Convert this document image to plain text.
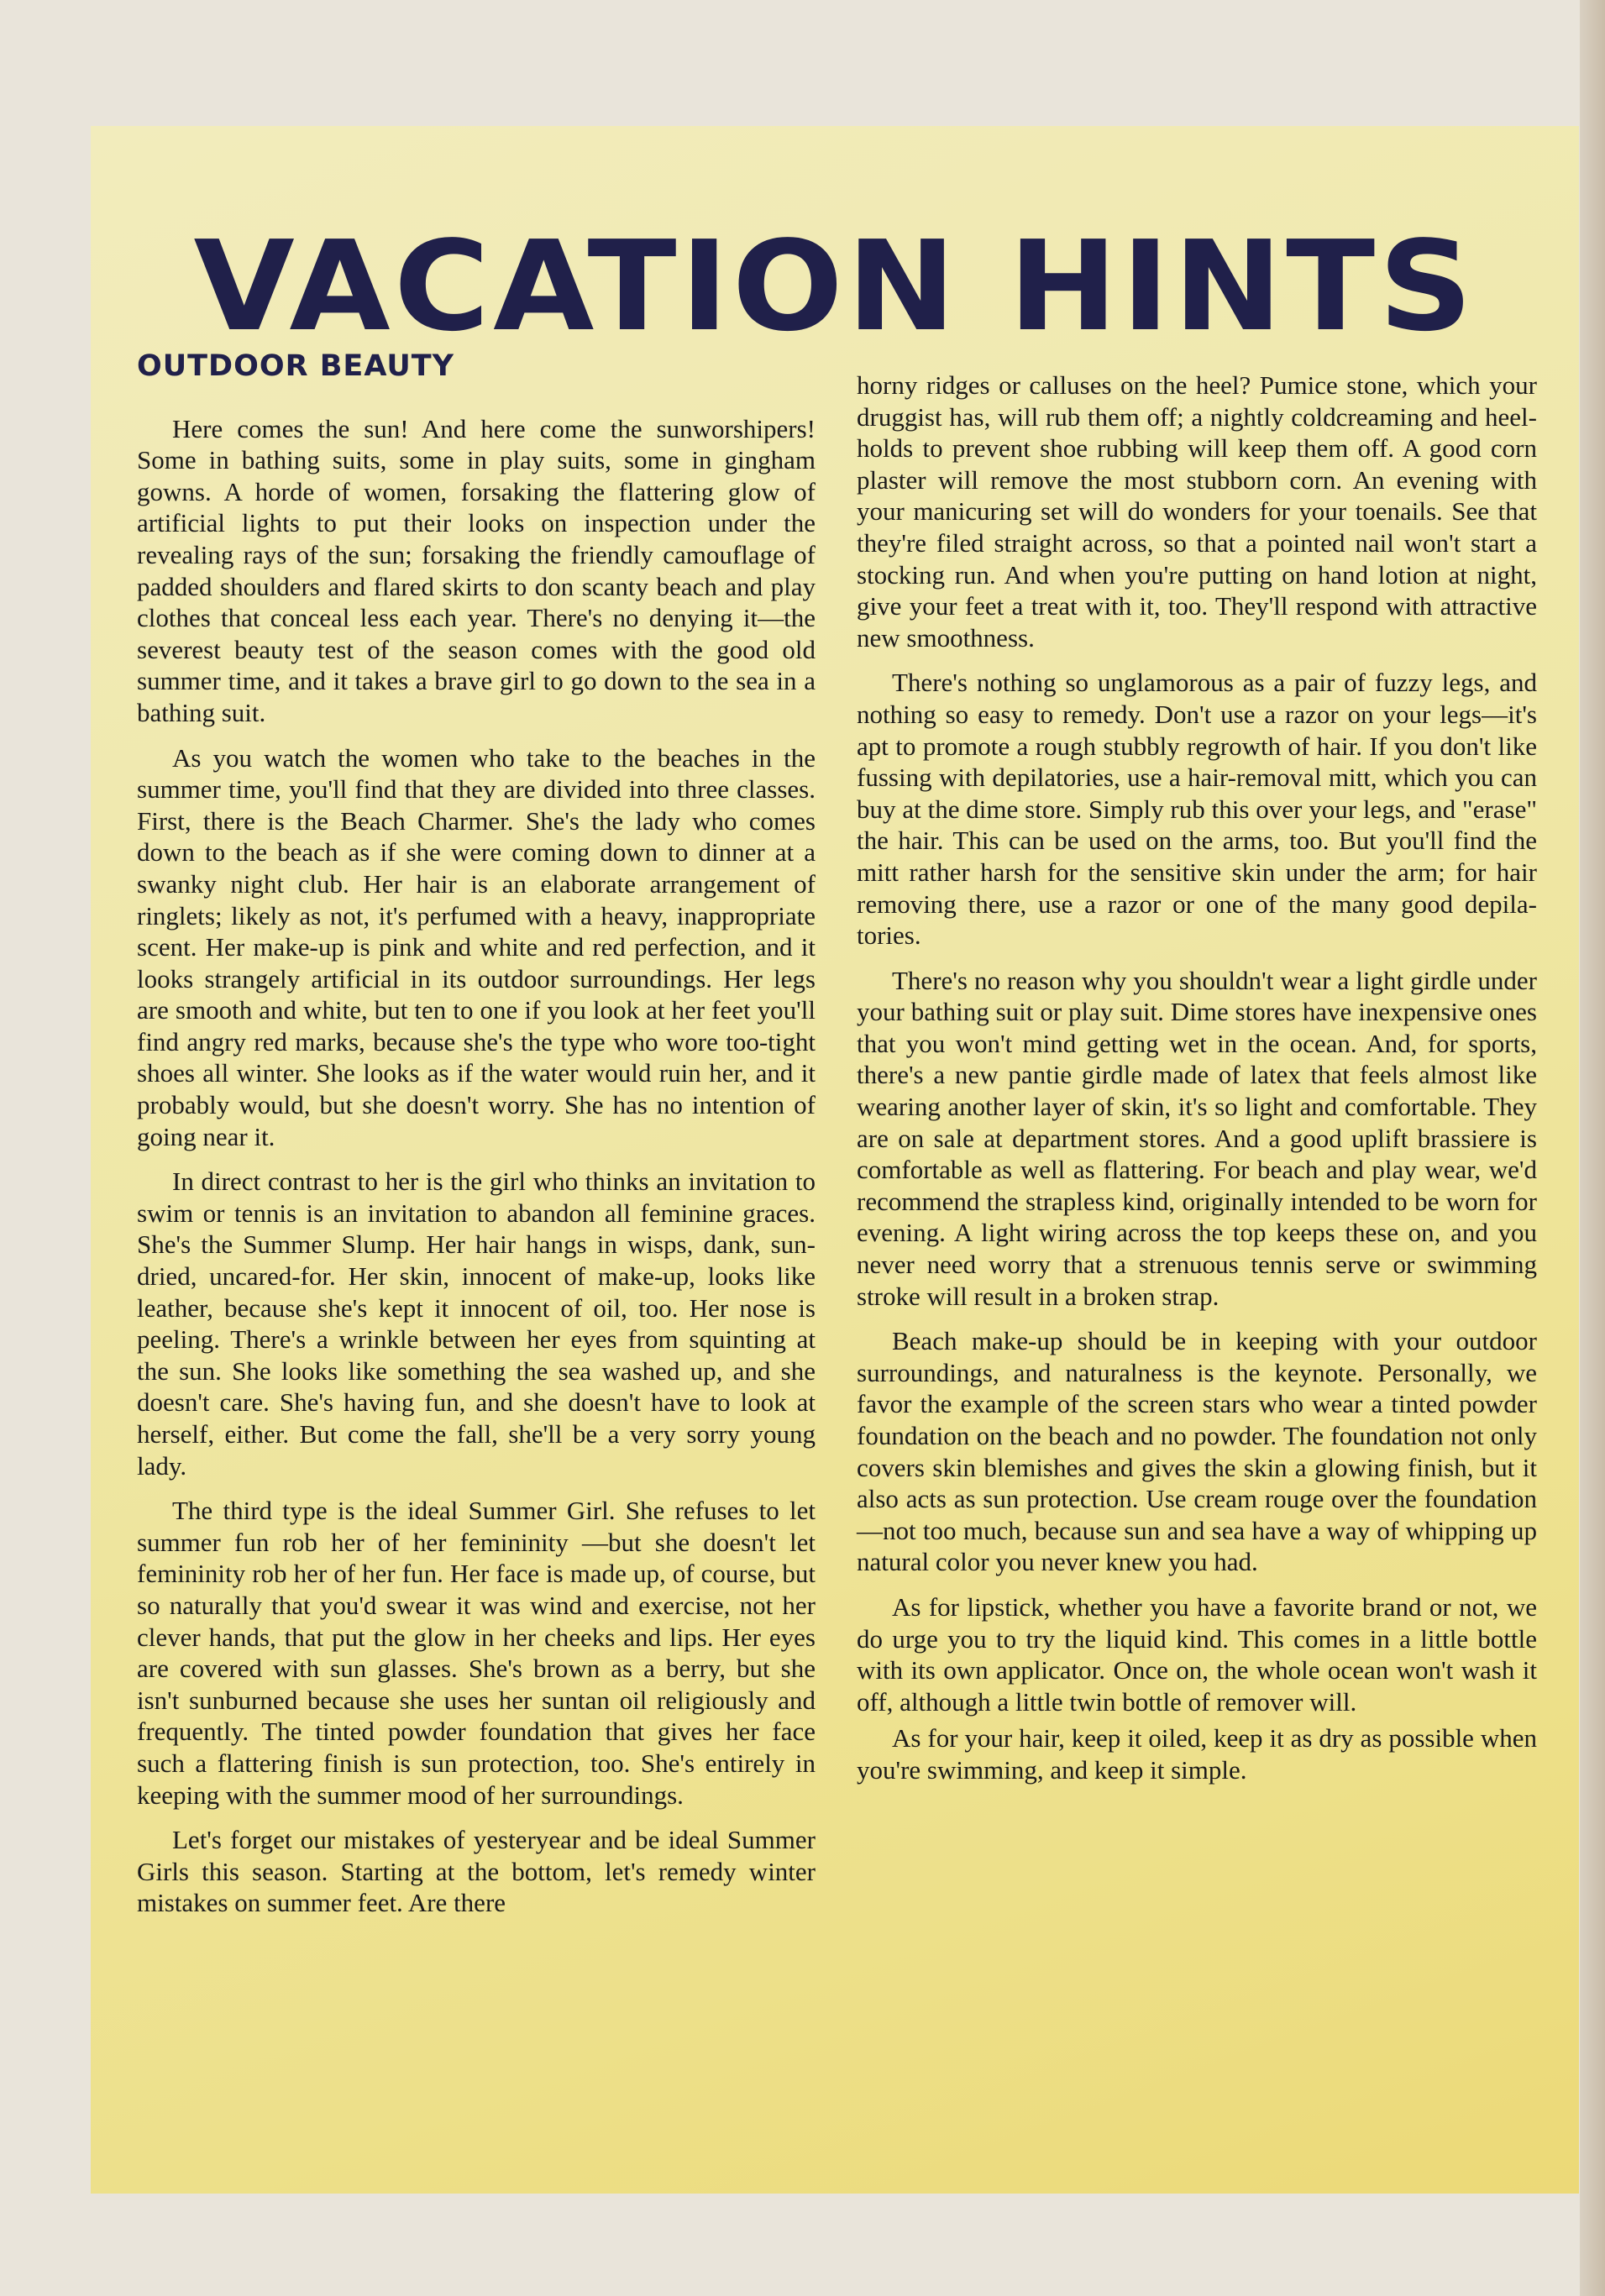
VACATION HINTS
OUTDOOR BEAUTY

Here comes the sun! And here come the sunworshipers! Some in bathing suits, some in play suits, some in gingham gowns. A horde of women, forsaking the flattering glow of artificial lights to put their looks on inspection under the revealing rays of the sun; forsaking the friendly camouflage of padded shoulders and flared skirts to don scanty beach and play clothes that conceal less each year. There's no denying it—the severest beauty test of the season comes with the good old summer time, and it takes a brave girl to go down to the sea in a bathing suit.

As you watch the women who take to the beaches in the summer time, you'll find that they are divided into three classes. First, there is the Beach Charmer. She's the lady who comes down to the beach as if she were coming down to dinner at a swanky night club. Her hair is an elaborate arrangement of ringlets; likely as not, it's perfumed with a heavy, inappropriate scent. Her make-up is pink and white and red perfection, and it looks strangely artificial in its outdoor surroundings. Her legs are smooth and white, but ten to one if you look at her feet you'll find angry red marks, because she's the type who wore too-tight shoes all winter. She looks as if the water would ruin her, and it probably would, but she doesn't worry. She has no intention of going near it.

In direct contrast to her is the girl who thinks an invitation to swim or tennis is an invitation to abandon all feminine graces. She's the Summer Slump. Her hair hangs in wisps, dank, sun-dried, uncared-for. Her skin, innocent of make-up, looks like leather, because she's kept it innocent of oil, too. Her nose is peeling. There's a wrinkle between her eyes from squinting at the sun. She looks like something the sea washed up, and she doesn't care. She's having fun, and she doesn't have to look at herself, either. But come the fall, she'll be a very sorry young lady.

The third type is the ideal Summer Girl. She refuses to let summer fun rob her of her femininity —but she doesn't let femininity rob her of her fun. Her face is made up, of course, but so naturally that you'd swear it was wind and exercise, not her clever hands, that put the glow in her cheeks and lips. Her eyes are covered with sun glasses. She's brown as a berry, but she isn't sunburned because she uses her suntan oil religiously and frequently. The tinted powder foundation that gives her face such a flattering finish is sun protection, too. She's entirely in keeping with the summer mood of her surroundings.

Let's forget our mistakes of yesteryear and be ideal Summer Girls this season. Starting at the bottom, let's remedy winter mistakes on summer feet. Are there

horny ridges or calluses on the heel? Pumice stone, which your druggist has, will rub them off; a nightly coldcreaming and heel-holds to prevent shoe rubbing will keep them off. A good corn plaster will remove the most stubborn corn. An evening with your manicuring set will do wonders for your toenails. See that they're filed straight across, so that a pointed nail won't start a stocking run. And when you're putting on hand lotion at night, give your feet a treat with it, too. They'll respond with attractive new smoothness.

There's nothing so unglamorous as a pair of fuzzy legs, and nothing so easy to remedy. Don't use a razor on your legs—it's apt to promote a rough stubbly regrowth of hair. If you don't like fussing with depilatories, use a hair-removal mitt, which you can buy at the dime store. Simply rub this over your legs, and "erase" the hair. This can be used on the arms, too. But you'll find the mitt rather harsh for the sensitive skin under the arm; for hair removing there, use a razor or one of the many good depilatories.

There's no reason why you shouldn't wear a light girdle under your bathing suit or play suit. Dime stores have inexpensive ones that you won't mind getting wet in the ocean. And, for sports, there's a new pantie girdle made of latex that feels almost like wearing another layer of skin, it's so light and comfortable. They are on sale at department stores. And a good uplift brassiere is comfortable as well as flattering. For beach and play wear, we'd recommend the strapless kind, originally intended to be worn for evening. A light wiring across the top keeps these on, and you never need worry that a strenuous tennis serve or swimming stroke will result in a broken strap.

Beach make-up should be in keeping with your outdoor surroundings, and naturalness is the keynote. Personally, we favor the example of the screen stars who wear a tinted powder foundation on the beach and no powder. The foundation not only covers skin blemishes and gives the skin a glowing finish, but it also acts as sun protection. Use cream rouge over the foundation—not too much, because sun and sea have a way of whipping up natural color you never knew you had.

As for lipstick, whether you have a favorite brand or not, we do urge you to try the liquid kind. This comes in a little bottle with its own applicator. Once on, the whole ocean won't wash it off, although a little twin bottle of remover will.

As for your hair, keep it oiled, keep it as dry as possible when you're swimming, and keep it simple.
